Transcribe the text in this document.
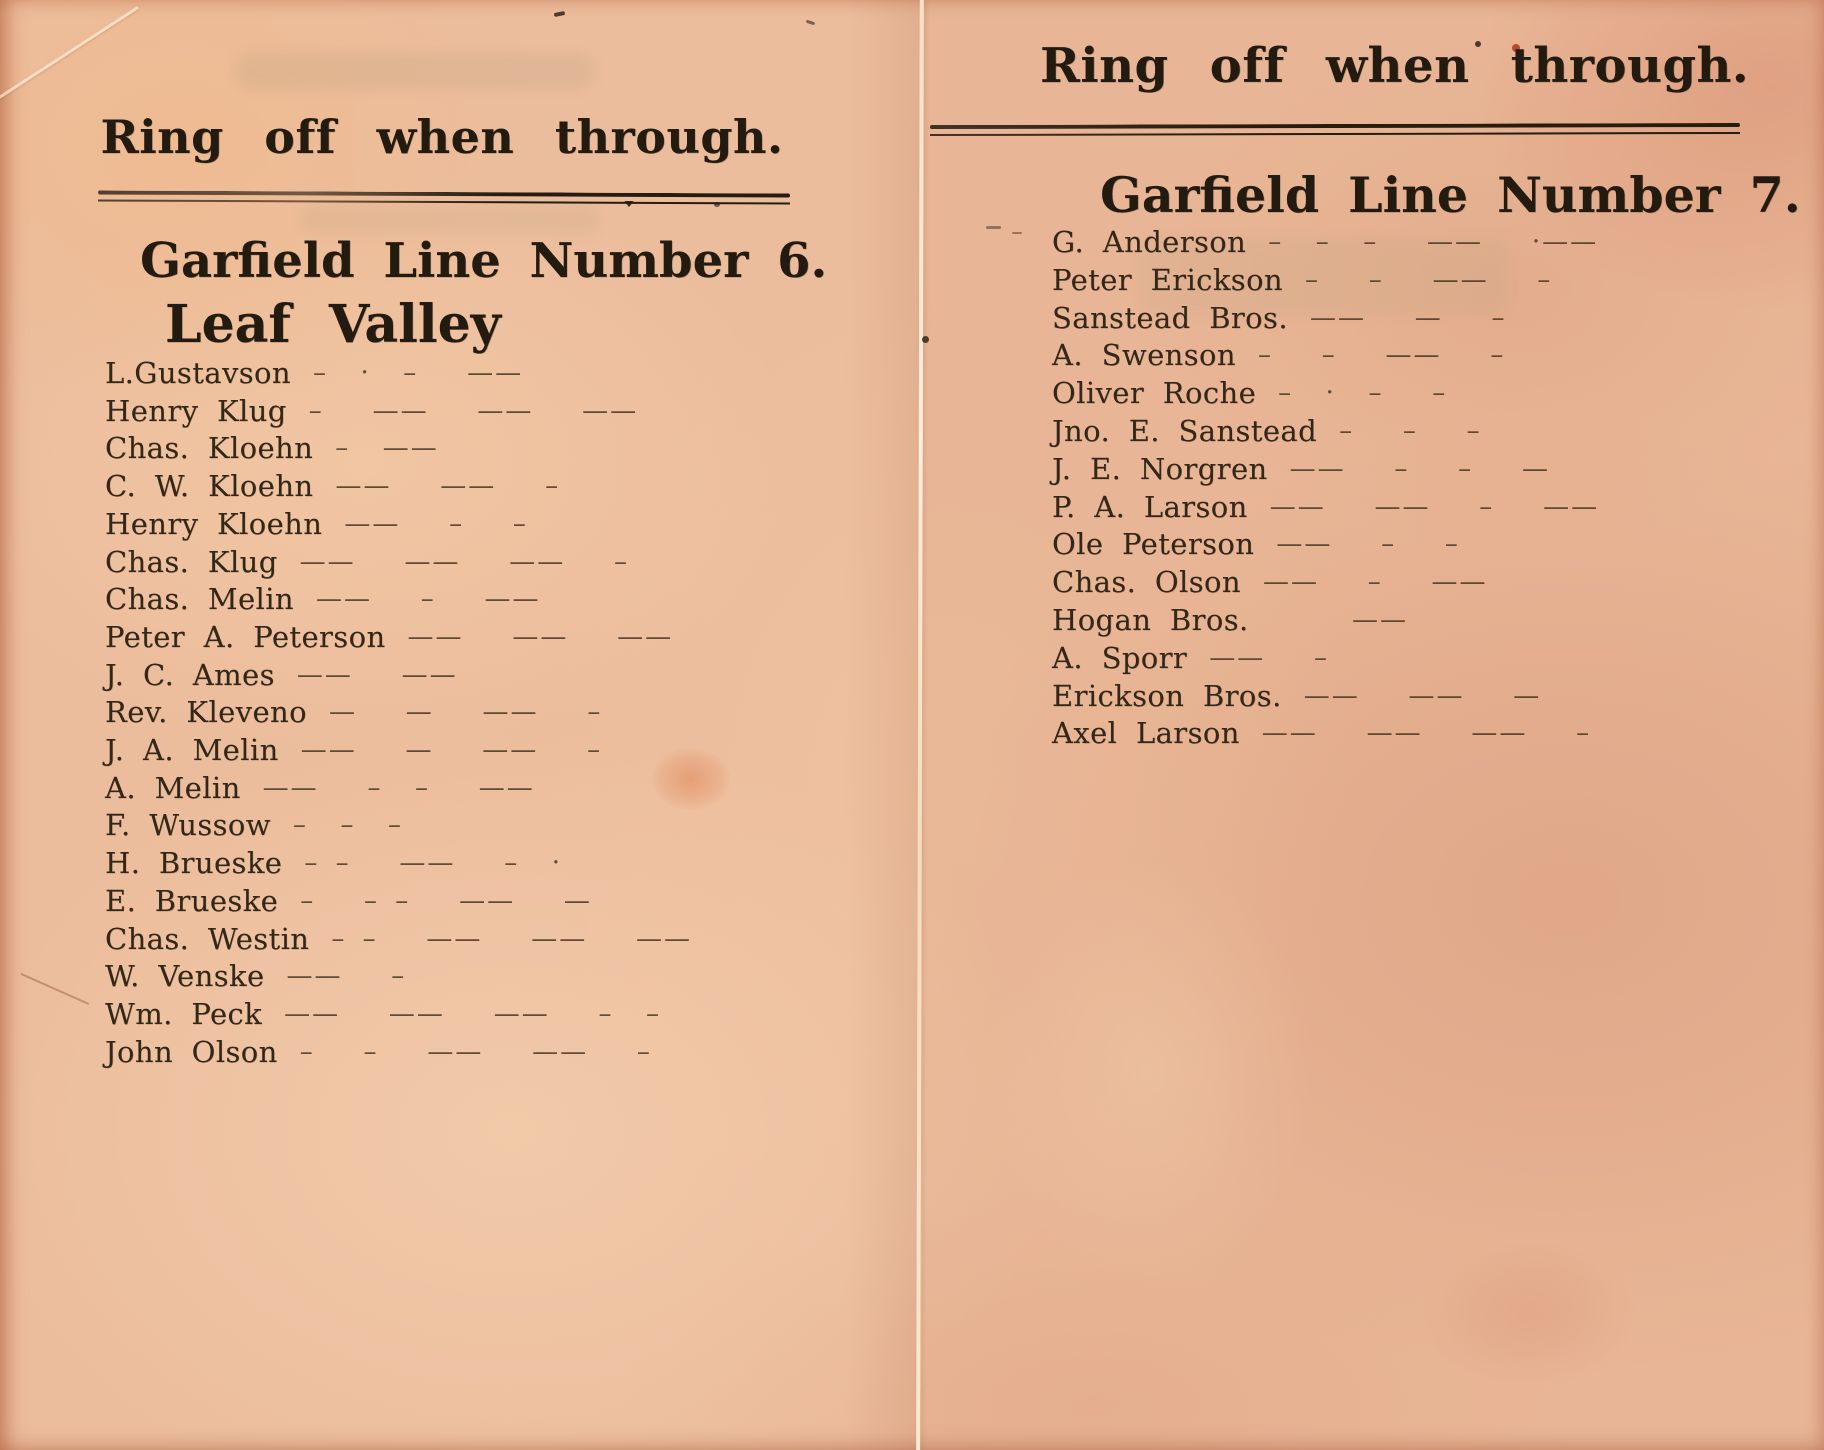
Ring off when through.
Garfield Line Number 6.
Leaf Valley
L.Gustavson –  ·  –   ——
Henry Klug –   ——   ——   ——
Chas. Kloehn –  ——
C. W. Kloehn ——   ——   –
Henry Kloehn ——   –   –
Chas. Klug ——   ——   ——   –
Chas. Melin ——   –   ——
Peter A. Peterson ——   ——   ——
J. C. Ames ——   ——
Rev. Kleveno —   —   ——   –
J. A. Melin ——   —   ——   –
A. Melin ——   –  –   ——
F. Wussow –  –  –
H. Brueske – –   ——   –  ·
E. Brueske –   – –   ——   —
Chas. Westin – –   ——   ——   ——
W. Venske ——   –
Wm. Peck ——   ——   ——   –  –
John Olson –   –   ——   ——   –
Ring off when through.
Garfield Line Number 7.
G. Anderson –  –  –   ——   ·——
Peter Erickson –   –   ——   –
Sanstead Bros. ——   —   –
A. Swenson –   –   ——   –
Oliver Roche –  ·  –   –
Jno. E. Sanstead –   –   –
J. E. Norgren ——   –   –   —
P. A. Larson ——   ——   –   ——
Ole Peterson ——   –   –
Chas. Olson ——   –   ——
Hogan Bros.     ——
A. Sporr ——   –
Erickson Bros. ——   ——   —
Axel Larson ——   ——   ——   –
